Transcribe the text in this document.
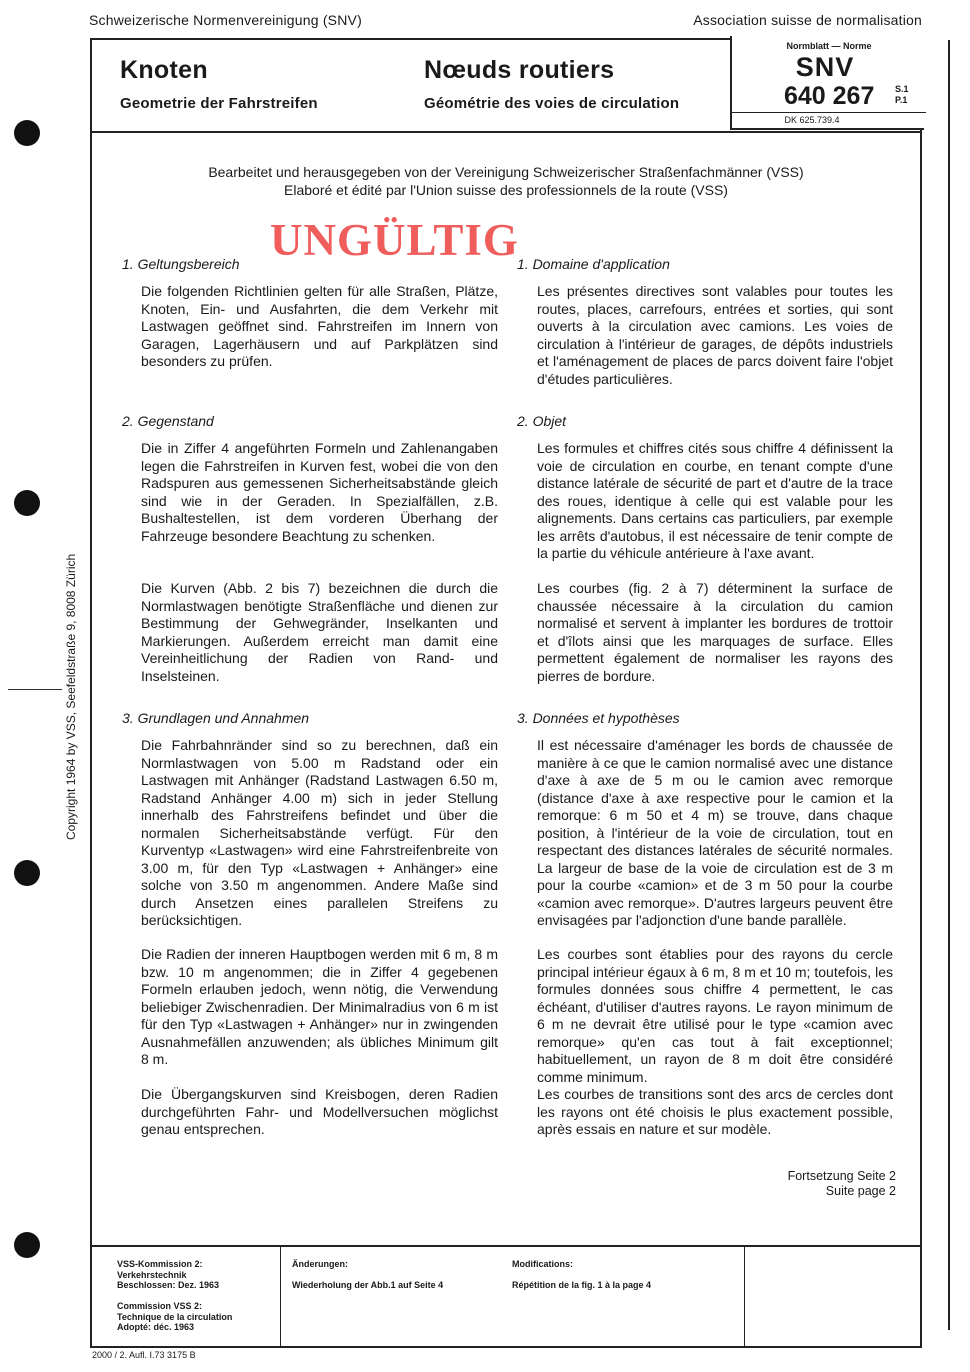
Schweizerische Normenvereinigung (SNV)	Association suisse de normalisation
Knoten
Geometrie der Fahrstreifen
Nœuds routiers
Géométrie des voies de circulation
Normblatt — Norme
SNV
640 267 S.1
P.1
DK 625.739.4
Bearbeitet und herausgegeben von der Vereinigung Schweizerischer Straßenfachmänner (VSS)
Elaboré et édité par l'Union suisse des professionnels de la route (VSS)
UNGÜLTIG
1. Geltungsbereich
Die folgenden Richtlinien gelten für alle Straßen, Plätze, Knoten, Ein- und Ausfahrten, die dem Verkehr mit Lastwagen geöffnet sind. Fahrstreifen im Innern von Garagen, Lagerhäusern und auf Parkplätzen sind besonders zu prüfen.
2. Gegenstand
Die in Ziffer 4 angeführten Formeln und Zahlenangaben legen die Fahrstreifen in Kurven fest, wobei die von den Radspuren aus gemessenen Sicherheitsabstände gleich sind wie in der Geraden. In Spezialfällen, z.B. Bushaltestellen, ist dem vorderen Überhang der Fahrzeuge besondere Beachtung zu schenken.
Die Kurven (Abb. 2 bis 7) bezeichnen die durch die Normlastwagen benötigte Straßenfläche und dienen zur Bestimmung der Gehwegränder, Inselkanten und Markierungen. Außerdem erreicht man damit eine Vereinheitlichung der Radien von Rand- und Inselsteinen.
3. Grundlagen und Annahmen
Die Fahrbahnränder sind so zu berechnen, daß ein Normlastwagen von 5.00 m Radstand oder ein Lastwagen mit Anhänger (Radstand Lastwagen 6.50 m, Radstand Anhänger 4.00 m) sich in jeder Stellung innerhalb des Fahrstreifens befindet und über die normalen Sicherheitsabstände verfügt. Für den Kurventyp «Lastwagen» wird eine Fahrstreifenbreite von 3.00 m, für den Typ «Lastwagen + Anhänger» eine solche von 3.50 m angenommen. Andere Maße sind durch Ansetzen eines parallelen Streifens zu berücksichtigen.
Die Radien der inneren Hauptbogen werden mit 6 m, 8 m bzw. 10 m angenommen; die in Ziffer 4 gegebenen Formeln erlauben jedoch, wenn nötig, die Verwendung beliebiger Zwischenradien. Der Minimalradius von 6 m ist für den Typ «Lastwagen + Anhänger» nur in zwingenden Ausnahmefällen anzuwenden; als übliches Minimum gilt 8 m.
Die Übergangskurven sind Kreisbogen, deren Radien durchgeführten Fahr- und Modellversuchen möglichst genau entsprechen.
1. Domaine d'application
Les présentes directives sont valables pour toutes les routes, places, carrefours, entrées et sorties, qui sont ouverts à la circulation avec camions. Les voies de circulation à l'intérieur de garages, de dépôts industriels et l'aménagement de places de parcs doivent faire l'objet d'études particulières.
2. Objet
Les formules et chiffres cités sous chiffre 4 définissent la voie de circulation en courbe, en tenant compte d'une distance latérale de sécurité de part et d'autre de la trace des roues, identique à celle qui est valable pour les alignements. Dans certains cas particuliers, par exemple les arrêts d'autobus, il est nécessaire de tenir compte de la partie du véhicule antérieure à l'axe avant.
Les courbes (fig. 2 à 7) déterminent la surface de chaussée nécessaire à la circulation du camion normalisé et servent à implanter les bordures de trottoir et d'îlots ainsi que les marquages de surface. Elles permettent également de normaliser les rayons des pierres de bordure.
3. Données et hypothèses
Il est nécessaire d'aménager les bords de chaussée de manière à ce que le camion normalisé avec une distance d'axe à axe de 5 m ou le camion avec remorque (distance d'axe à axe respective pour le camion et la remorque: 6 m 50 et 4 m) se trouve, dans chaque position, à l'intérieur de la voie de circulation, tout en respectant des distances latérales de sécurité normales. La largeur de base de la voie de circulation est de 3 m pour la courbe «camion» et de 3 m 50 pour la courbe «camion avec remorque». D'autres largeurs peuvent être envisagées par l'adjonction d'une bande parallèle.
Les courbes sont établies pour des rayons du cercle principal intérieur égaux à 6 m, 8 m et 10 m; toutefois, les formules données sous chiffre 4 permettent, le cas échéant, d'utiliser d'autres rayons. Le rayon minimum de 6 m ne devrait être utilisé pour le type «camion avec remorque» qu'en cas tout à fait exceptionnel; habituellement, un rayon de 8 m doit être considéré comme minimum.
Les courbes de transitions sont des arcs de cercles dont les rayons ont été choisis le plus exactement possible, après essais en nature et sur modèle.
Fortsetzung Seite 2
Suite page 2
Copyright 1964 by VSS, Seefeldstraße 9, 8008 Zürich
VSS-Kommission 2:
Verkehrstechnik
Beschlossen: Dez. 1963
Commission VSS 2:
Technique de la circulation
Adopté: déc. 1963
Änderungen:
Wiederholung der Abb.1 auf Seite 4
Modifications:
Répétition de la fig. 1 à la page 4
2000 / 2. Aufl. I.73 3175 B
